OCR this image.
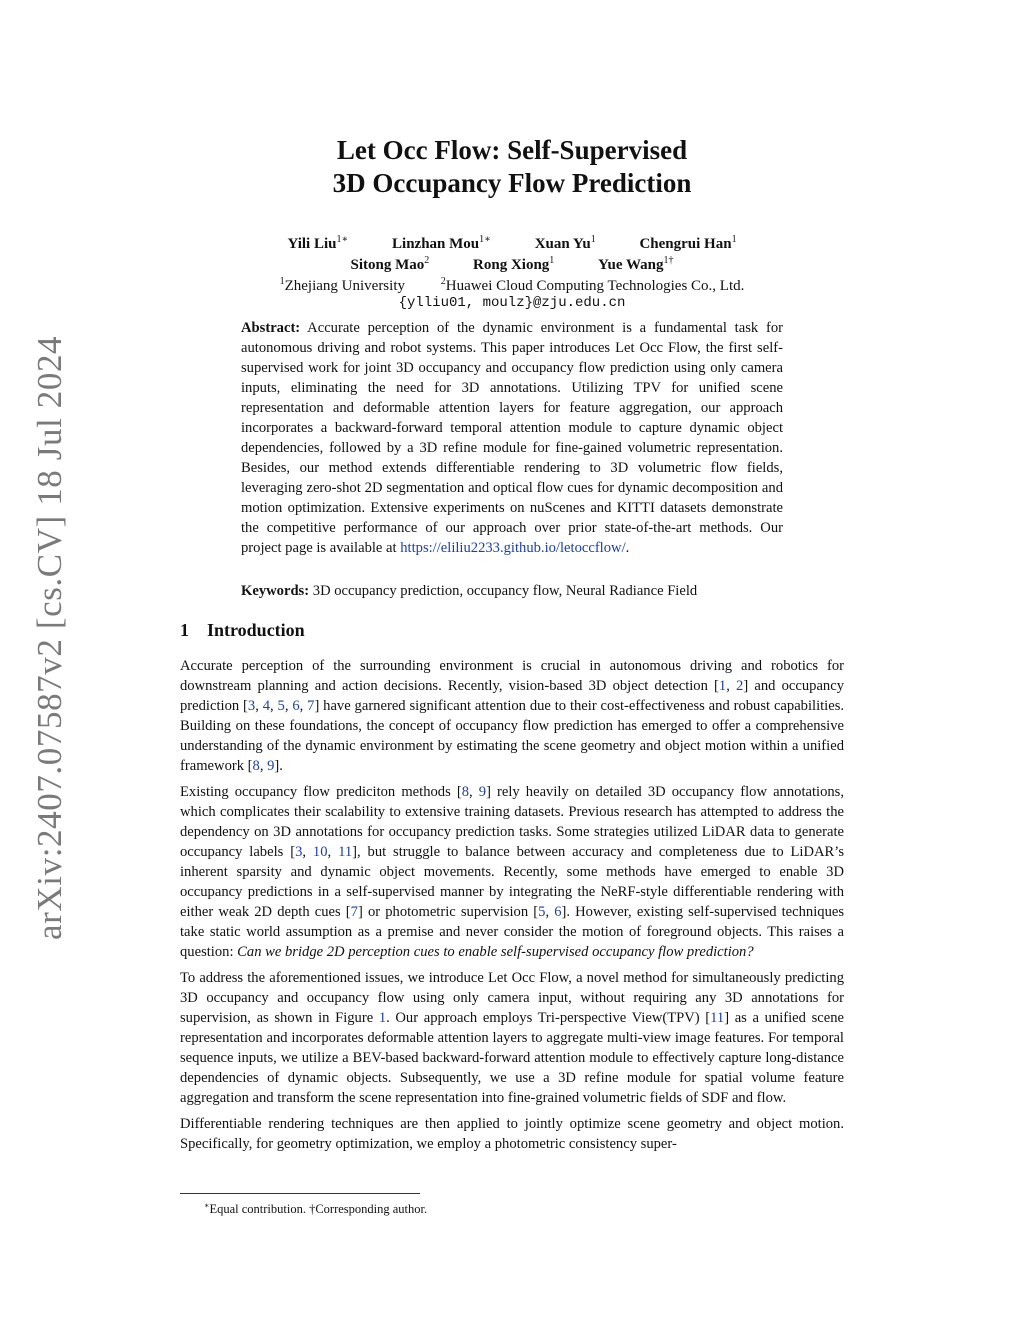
arXiv:2407.07587v2 [cs.CV] 18 Jul 2024
Let Occ Flow: Self-Supervised
3D Occupancy Flow Prediction
Yili Liu$^{1∗}$	Linzhan Mou$^{1∗}$	Xuan Yu$^1$	Chengrui Han$^1$
Sitong Mao$^2$	Rong Xiong$^1$	Yue Wang$^{1\dagger}$
$^1$Zhejiang University	$^2$Huawei Cloud Computing Technologies Co., Ltd.
{ylliu01, moulz}@zju.edu.cn

Abstract: Accurate perception of the dynamic environment is a fundamental task for autonomous driving and robot systems. This paper introduces Let Occ Flow, the first self-supervised work for joint 3D occupancy and occupancy flow prediction using only camera inputs, eliminating the need for 3D annotations. Utilizing TPV for unified scene representation and deformable attention layers for feature aggregation, our approach incorporates a backward-forward temporal attention module to capture dynamic object dependencies, followed by a 3D refine module for fine-gained volumetric representation. Besides, our method extends differentiable rendering to 3D volumetric flow fields, leveraging zero-shot 2D segmentation and optical flow cues for dynamic decomposition and motion optimization. Extensive experiments on nuScenes and KITTI datasets demonstrate the competitive performance of our approach over prior state-of-the-art methods. Our project page is available at https://eliliu2233.github.io/letoccflow/.

Keywords: 3D occupancy prediction, occupancy flow, Neural Radiance Field
1 Introduction

Accurate perception of the surrounding environment is crucial in autonomous driving and robotics for downstream planning and action decisions. Recently, vision-based 3D object detection [1, 2] and occupancy prediction [3, 4, 5, 6, 7] have garnered significant attention due to their cost-effectiveness and robust capabilities. Building on these foundations, the concept of occupancy flow prediction has emerged to offer a comprehensive understanding of the dynamic environment by estimating the scene geometry and object motion within a unified framework [8, 9].

Existing occupancy flow prediciton methods [8, 9] rely heavily on detailed 3D occupancy flow annotations, which complicates their scalability to extensive training datasets. Previous research has attempted to address the dependency on 3D annotations for occupancy prediction tasks. Some strategies utilized LiDAR data to generate occupancy labels [3, 10, 11], but struggle to balance between accuracy and completeness due to LiDAR’s inherent sparsity and dynamic object movements. Recently, some methods have emerged to enable 3D occupancy predictions in a self-supervised manner by integrating the NeRF-style differentiable rendering with either weak 2D depth cues [7] or photometric supervision [5, 6]. However, existing self-supervised techniques take static world assumption as a premise and never consider the motion of foreground objects. This raises a question: Can we bridge 2D perception cues to enable self-supervised occupancy flow prediction?

To address the aforementioned issues, we introduce Let Occ Flow, a novel method for simultaneously predicting 3D occupancy and occupancy flow using only camera input, without requiring any 3D annotations for supervision, as shown in Figure 1. Our approach employs Tri-perspective View(TPV) [11] as a unified scene representation and incorporates deformable attention layers to aggregate multi-view image features. For temporal sequence inputs, we utilize a BEV-based backward-forward attention module to effectively capture long-distance dependencies of dynamic objects. Subsequently, we use a 3D refine module for spatial volume feature aggregation and transform the scene representation into fine-grained volumetric fields of SDF and flow.

Differentiable rendering techniques are then applied to jointly optimize scene geometry and object motion. Specifically, for geometry optimization, we employ a photometric consistency super-

∗Equal contribution. †Corresponding author.
